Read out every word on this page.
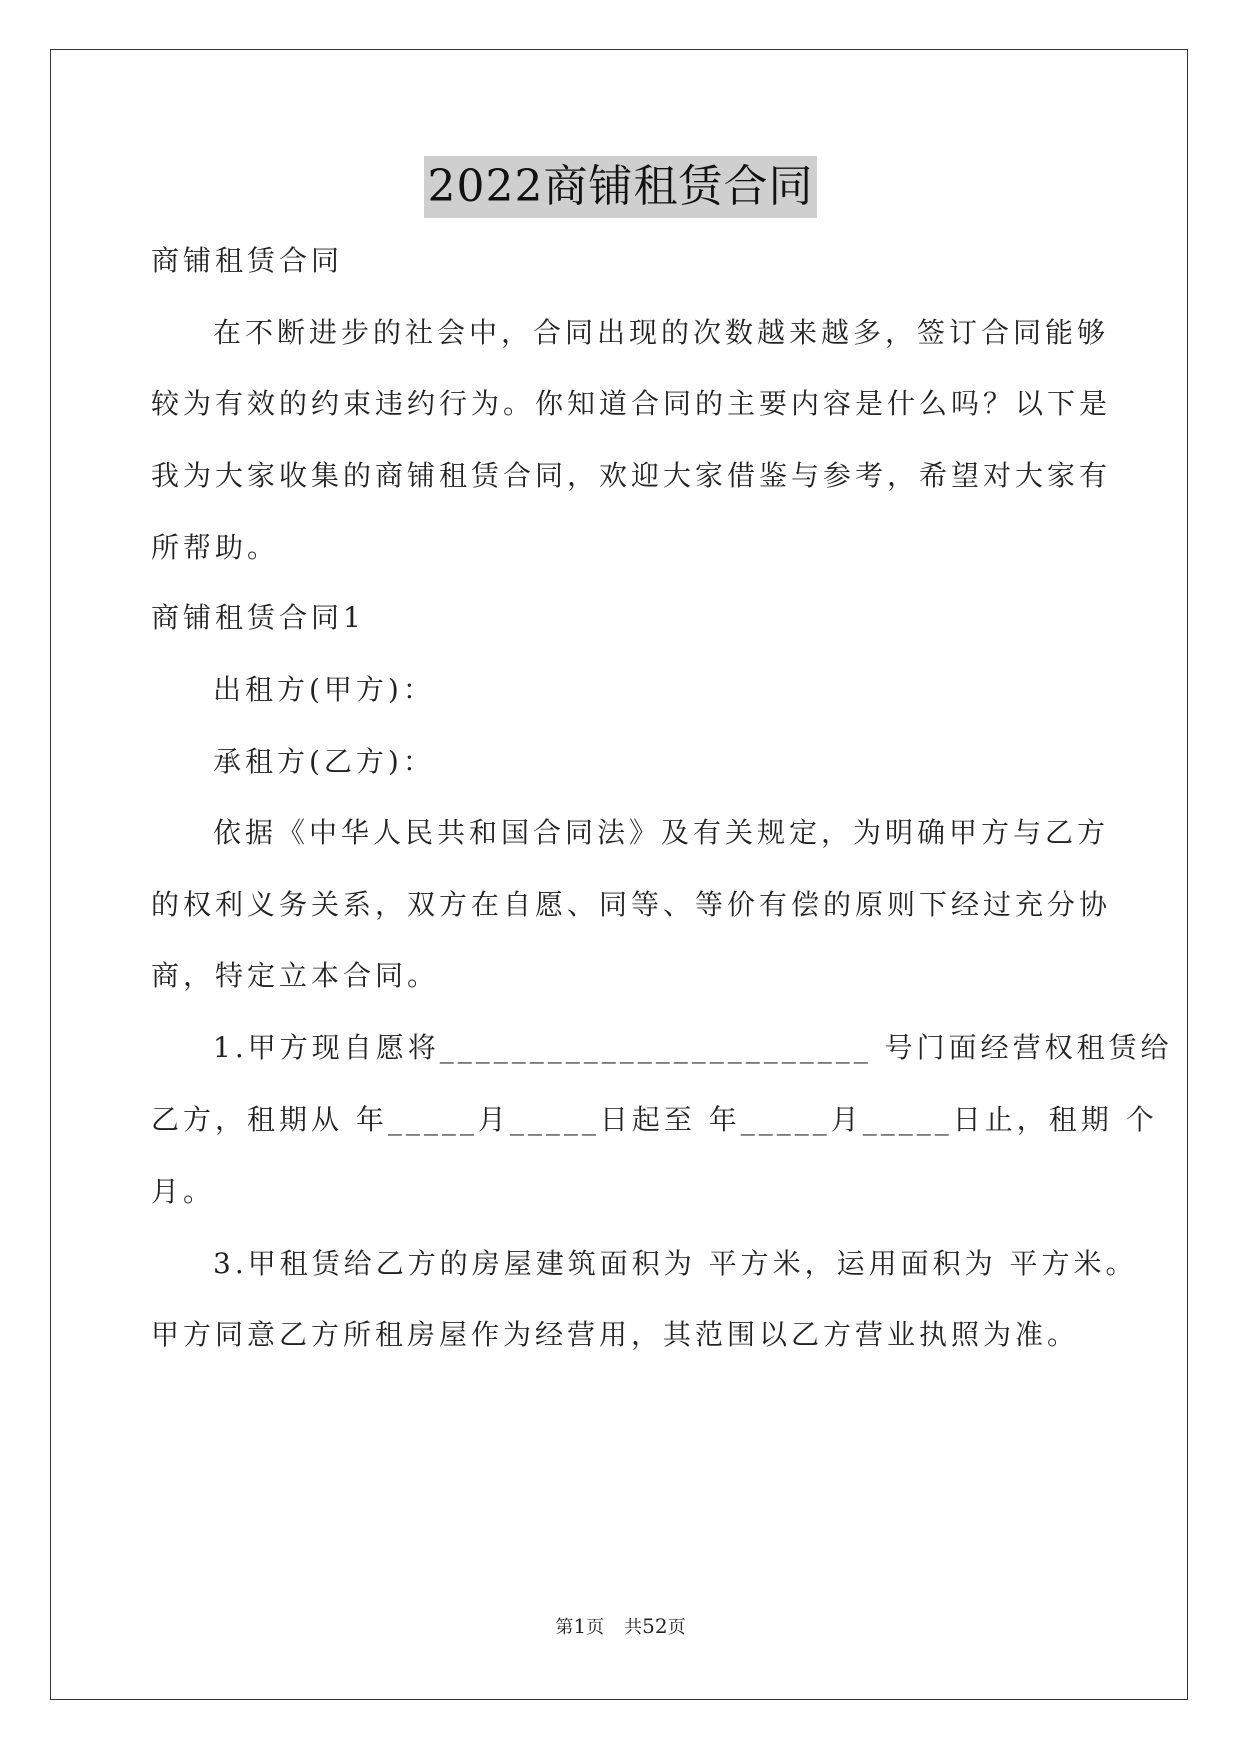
2022商铺租赁合同
商铺租赁合同
在不断进步的社会中，合同出现的次数越来越多，签订合同能够
较为有效的约束违约行为。你知道合同的主要内容是什么吗？以下是
我为大家收集的商铺租赁合同，欢迎大家借鉴与参考，希望对大家有
所帮助。
商铺租赁合同1
出租方(甲方)：
承租方(乙方)：
依据《中华人民共和国合同法》及有关规定，为明确甲方与乙方
的权利义务关系，双方在自愿、同等、等价有偿的原则下经过充分协
商，特定立本合同。
1.甲方现自愿将________________________ 号门面经营权租赁给
乙方，租期从 年_____月_____日起至 年_____月_____日止，租期 个
月。
3.甲租赁给乙方的房屋建筑面积为 平方米，运用面积为 平方米。
甲方同意乙方所租房屋作为经营用，其范围以乙方营业执照为准。
第1页 共52页
